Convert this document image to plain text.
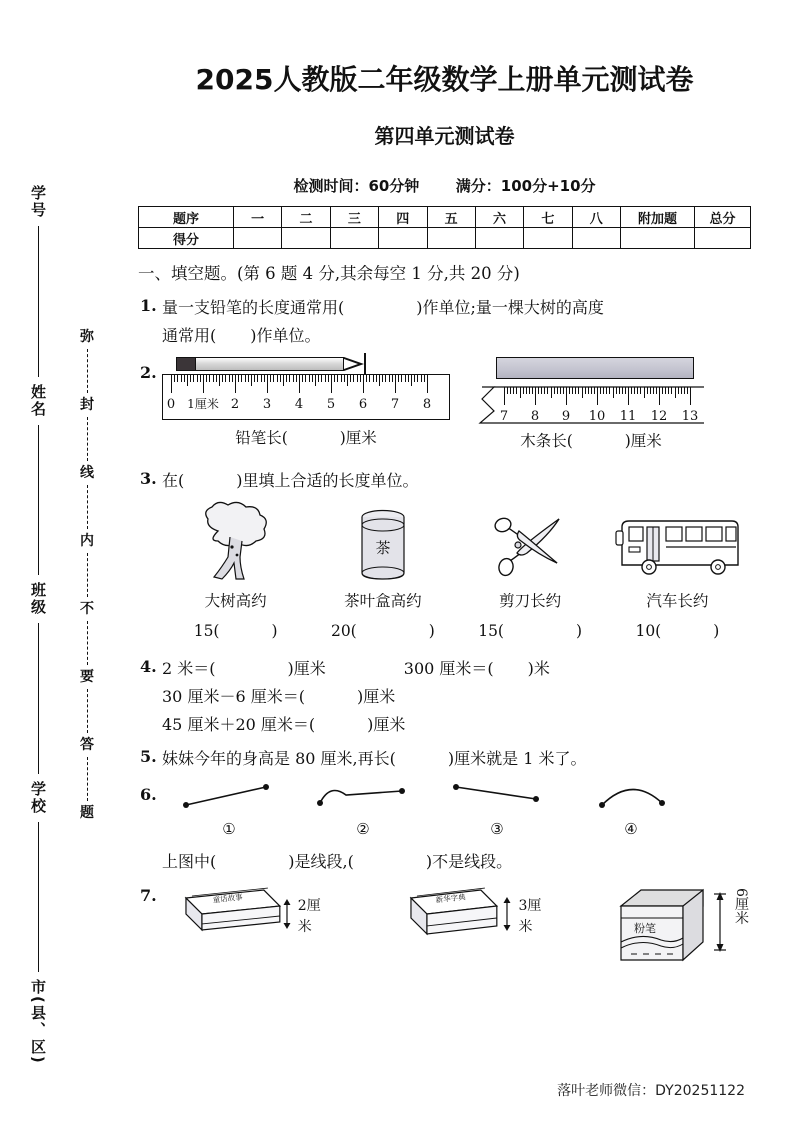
学号
姓名
班级
学校
市(县、区)
弥
封
线
内
不
要
答
题
2025人教版二年级数学上册单元测试卷
第四单元测试卷
检测时间：60分钟 满分：100分+10分
题序	一	二	三	四	五	六	七	八	附加题	总分
得分										
一、填空题。(第 6 题 4 分,其余每空 1 分,共 20 分)
1. 量一支铅笔的长度通常用(	)作单位;量一棵大树的高度
通常用( )作单位。
2.
0 1厘米 2 3 4 5 6 7 8
铅笔长(	)厘米
7 8 9 10 11 12 13
木条长(	)厘米
3. 在(	)里填上合适的长度单位。
大树高约
15(	)
茶
茶叶盒高约
20(	)
剪刀长约
15(	)
汽车长约
10(	)
4. 2 米＝(	)厘米	300 厘米＝( )米
30 厘米－6 厘米＝(	)厘米
45 厘米＋20 厘米＝(	)厘米
5. 妹妹今年的身高是 80 厘米,再长(	)厘米就是 1 米了。
6.
①	②	③	④
上图中(	)是线段,(	)不是线段。
7.	童话故事	2厘米
新华字典	3厘米	粉笔
6厘米
落叶老师微信：DY20251122
